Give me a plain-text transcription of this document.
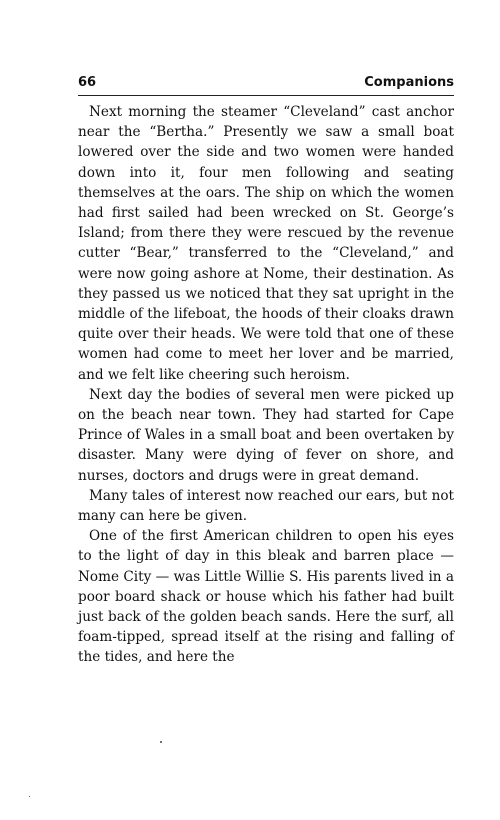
66	Companions

Next morning the steamer “Cleveland” cast anchor near the “Bertha.” Presently we saw a small boat lowered over the side and two women were handed down into it, four men following and seating themselves at the oars. The ship on which the women had first sailed had been wrecked on St. George’s Island; from there they were rescued by the revenue cutter “Bear,” transferred to the “Cleveland,” and were now going ashore at Nome, their destination. As they passed us we noticed that they sat upright in the middle of the lifeboat, the hoods of their cloaks drawn quite over their heads. We were told that one of these women had come to meet her lover and be married, and we felt like cheering such heroism.

Next day the bodies of several men were picked up on the beach near town. They had started for Cape Prince of Wales in a small boat and been overtaken by disaster. Many were dying of fever on shore, and nurses, doctors and drugs were in great demand.

Many tales of interest now reached our ears, but not many can here be given.

One of the first American children to open his eyes to the light of day in this bleak and barren place — Nome City — was Little Willie S. His parents lived in a poor board shack or house which his father had built just back of the golden beach sands. Here the surf, all foam-tipped, spread itself at the rising and falling of the tides, and here the
